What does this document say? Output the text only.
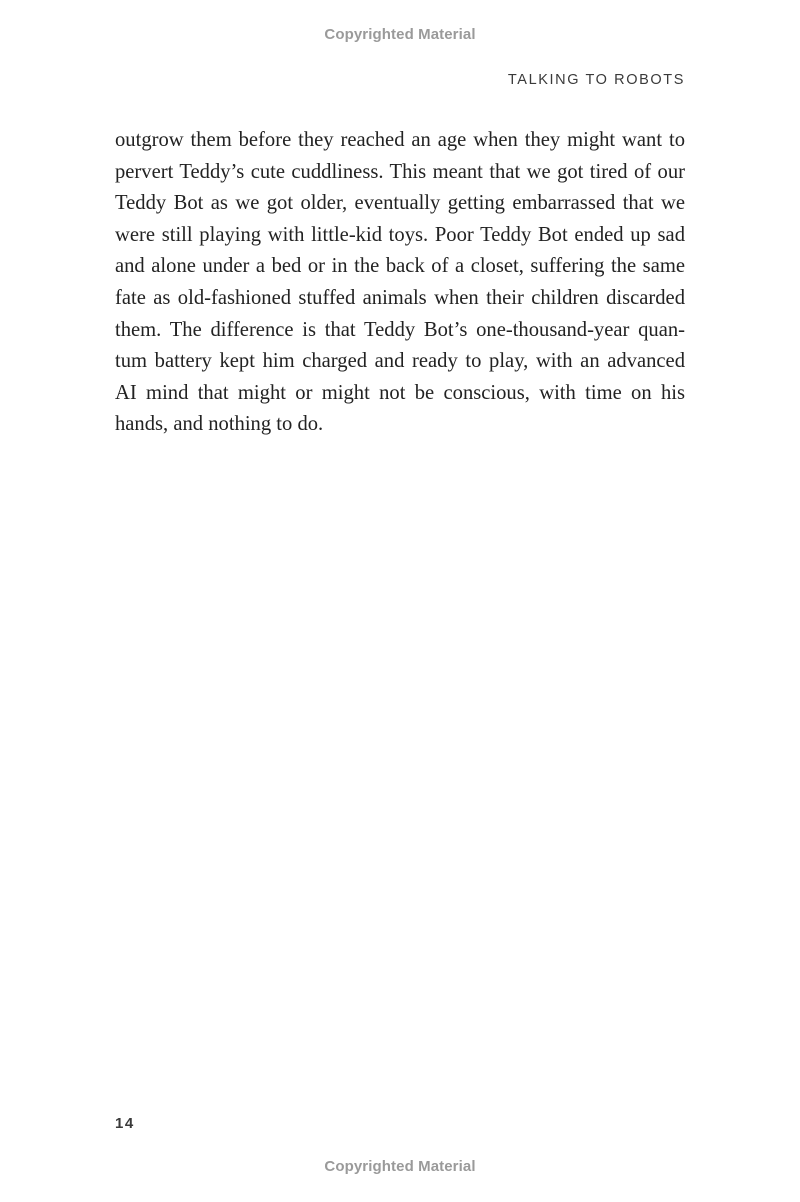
Copyrighted Material
TALKING TO ROBOTS
outgrow them before they reached an age when they might want to
pervert Teddy’s cute cuddliness. This meant that we got tired of our
Teddy Bot as we got older, eventually getting embarrassed that we
were still playing with little-kid toys. Poor Teddy Bot ended up sad
and alone under a bed or in the back of a closet, suffering the same
fate as old-fashioned stuffed animals when their children discarded
them. The difference is that Teddy Bot’s one-thousand-year quan-
tum battery kept him charged and ready to play, with an advanced
AI mind that might or might not be conscious, with time on his
hands, and nothing to do.
14
Copyrighted Material
